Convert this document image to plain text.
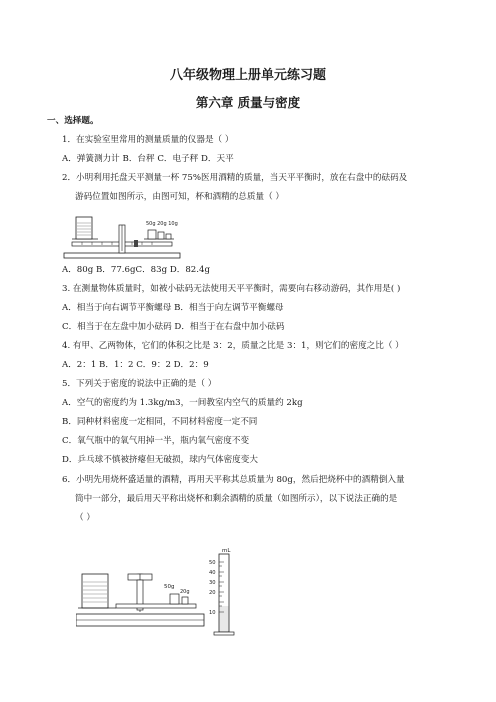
八年级物理上册单元练习题
第六章 质量与密度
一、选择题。
1．在实验室里常用的测量质量的仪器是（ ）
A．弹簧测力计 B．台秤 C．电子秤 D．天平
2．小明利用托盘天平测量一杯 75%医用酒精的质量，当天平平衡时，放在右盘中的砝码及
游码位置如图所示，由图可知，杯和酒精的总质量（ ）
50g 20g 10g
A．80g B．77.6gC．83g D．82.4g
3. 在测量物体质量时，如被小砝码无法使用天平平衡时，需要向右移动游码，其作用是( )
A．相当于向右调节平衡螺母 B．相当于向左调节平衡螺母
C．相当于在左盘中加小砝码 D．相当于在右盘中加小砝码
4. 有甲、乙两物体，它们的体积之比是 3：2，质量之比是 3：1，则它们的密度之比（ ）
A．2：1 B．1：2 C．9：2 D．2：9
5．下列关于密度的说法中正确的是（ ）
A．空气的密度约为 1.3kg/m3，一间教室内空气的质量约 2kg
B．同种材料密度一定相同，不同材料密度一定不同
C．氧气瓶中的氧气用掉一半，瓶内氧气密度不变
D．乒乓球不慎被挤瘪但无破损，球内气体密度变大
6．小明先用烧杯盛适量的酒精，再用天平称其总质量为 80g，然后把烧杯中的酒精倒入量
筒中一部分，最后用天平称出烧杯和剩余酒精的质量（如图所示），以下说法正确的是
（ ）
50g
20g
mL
50
40
30
20
10
